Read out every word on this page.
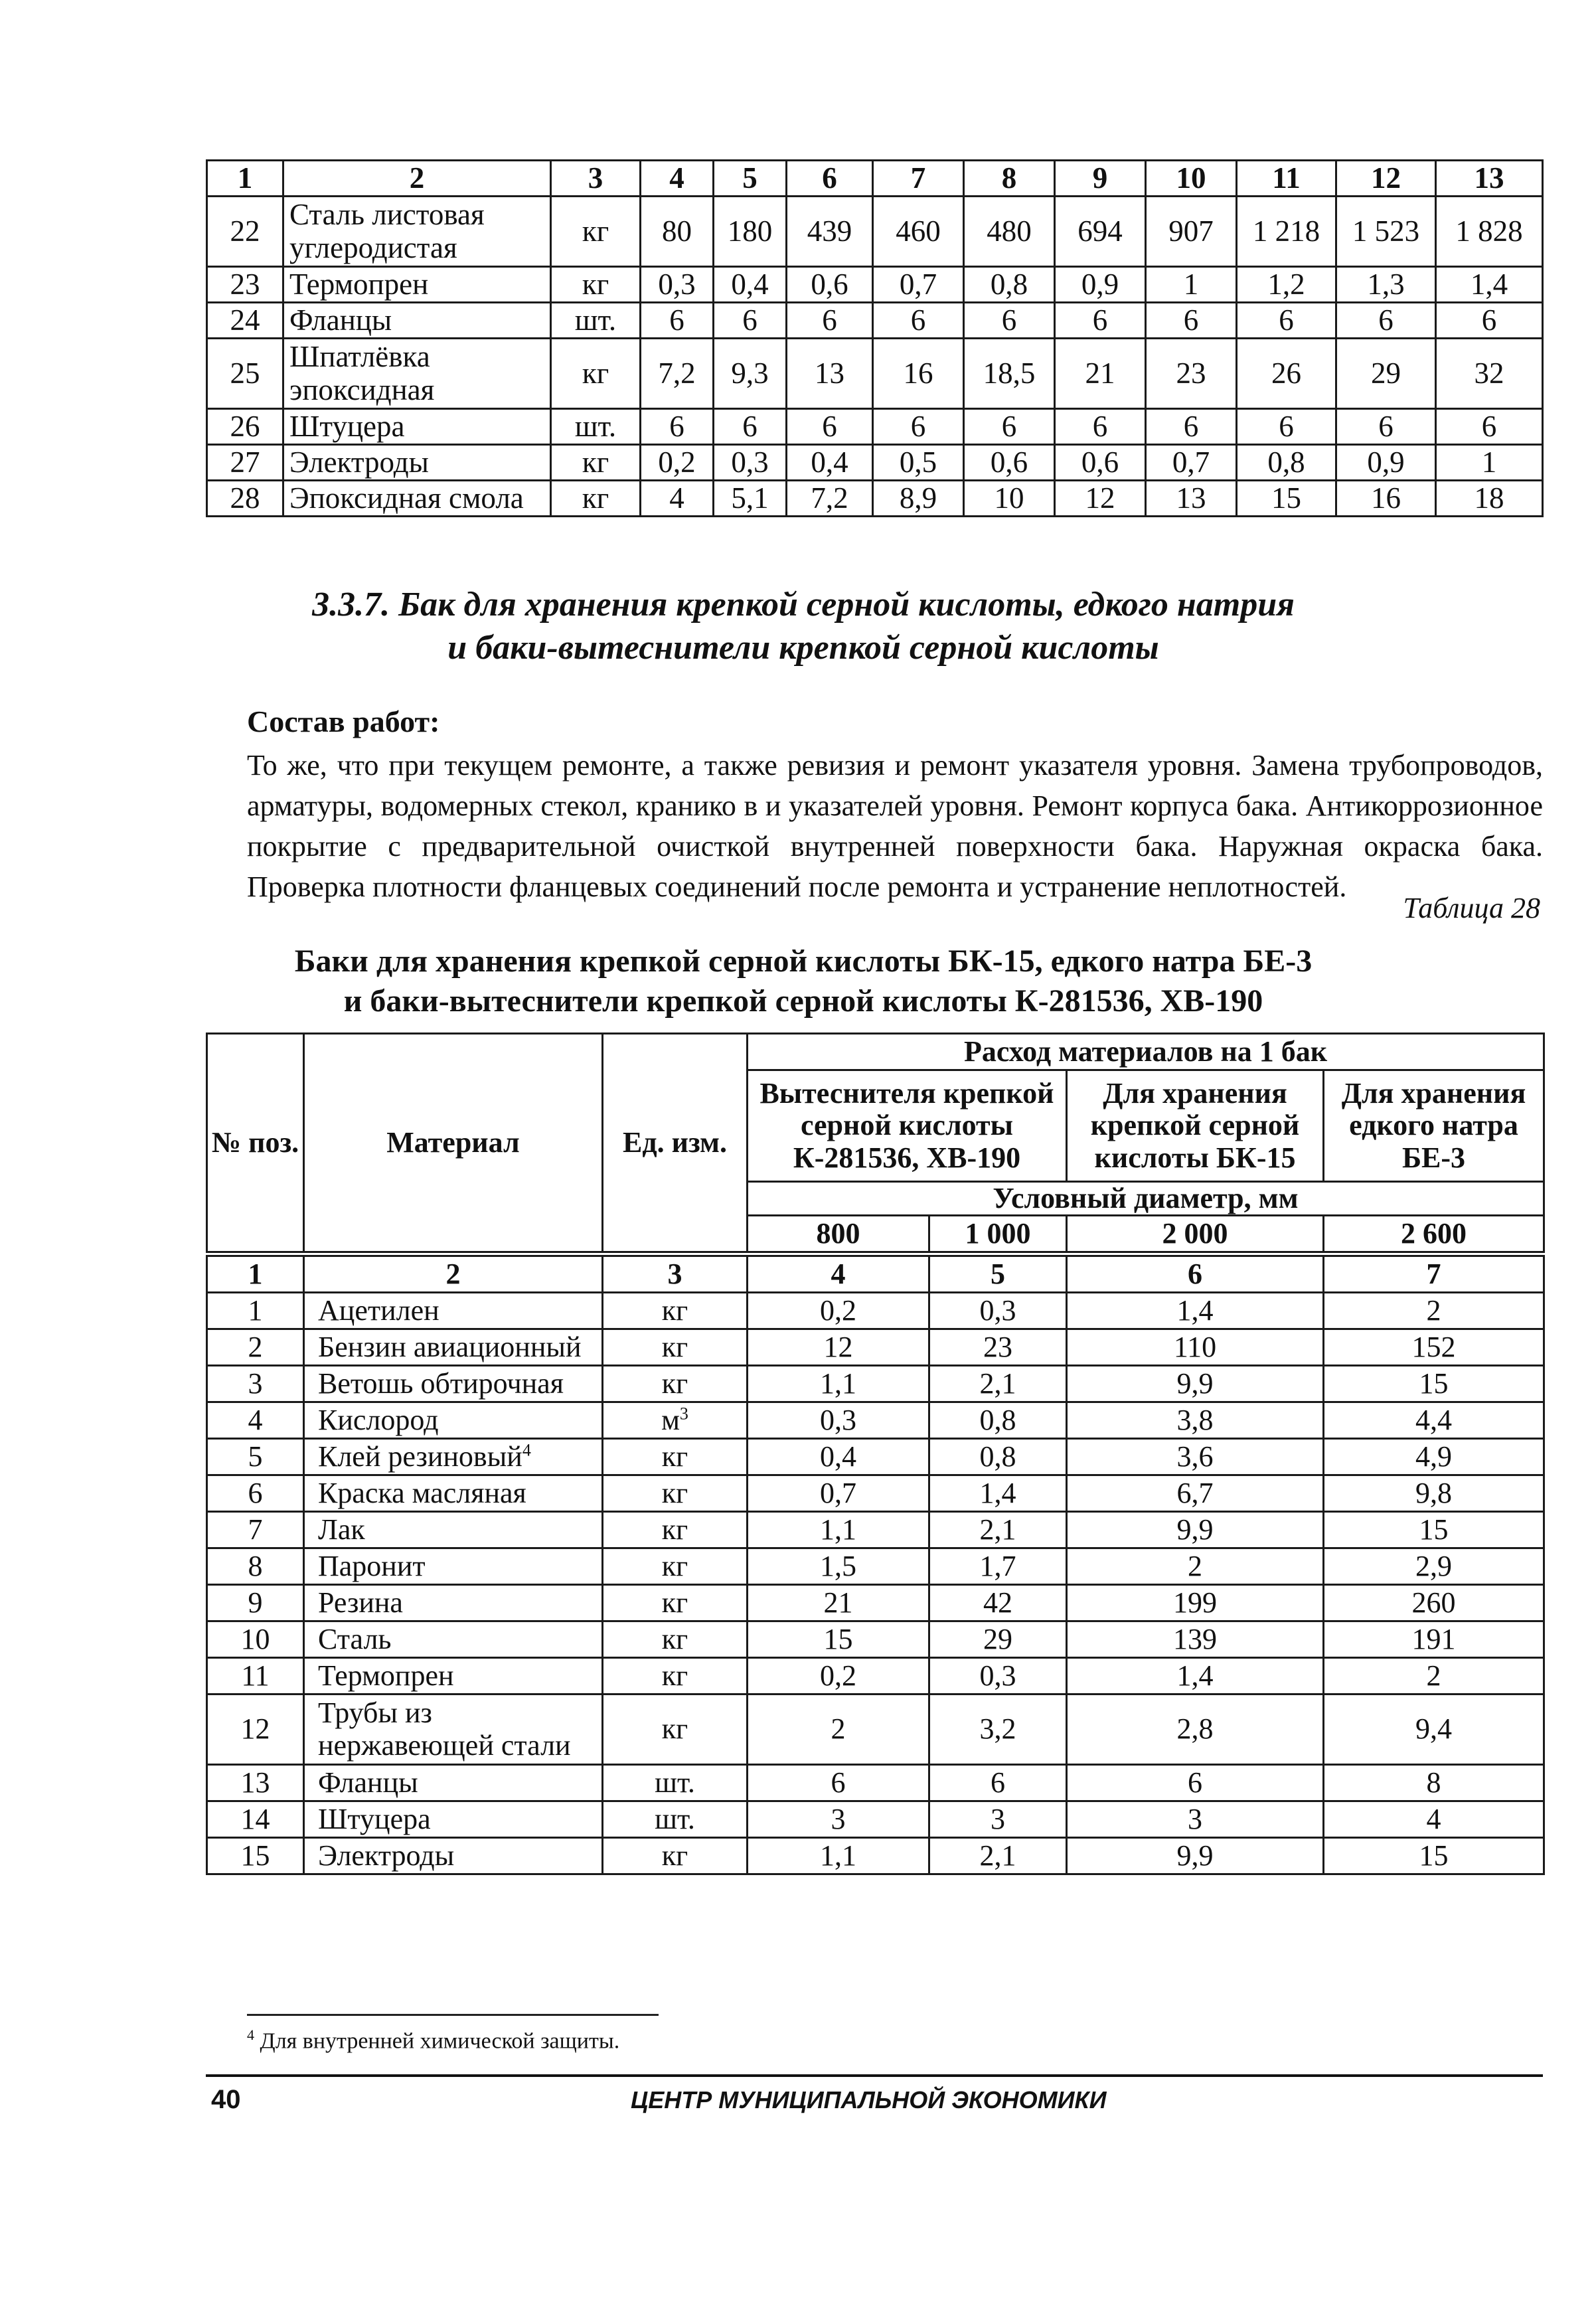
1	2	3	4	5	6	7	8	9	10	11	12	13
22	Сталь листовая углеродистая	кг	80	180	439	460	480	694	907	1 218	1 523	1 828
23	Термопрен	кг	0,3	0,4	0,6	0,7	0,8	0,9	1	1,2	1,3	1,4
24	Фланцы	шт.	6	6	6	6	6	6	6	6	6	6
25	Шпатлёвка эпоксидная	кг	7,2	9,3	13	16	18,5	21	23	26	29	32
26	Штуцера	шт.	6	6	6	6	6	6	6	6	6	6
27	Электроды	кг	0,2	0,3	0,4	0,5	0,6	0,6	0,7	0,8	0,9	1
28	Эпоксидная смола	кг	4	5,1	7,2	8,9	10	12	13	15	16	18
3.3.7. Бак для хранения крепкой серной кислоты, едкого натрия
и баки-вытеснители крепкой серной кислоты
Состав работ:
То же, что при текущем ремонте, а также ревизия и ремонт указателя уровня. Замена трубопроводов, арматуры, водомерных стекол, кранико в и указателей уровня. Ремонт корпуса бака. Антикоррозионное покрытие с предварительной очисткой внутренней поверхности бака. Наружная окраска бака. Проверка плотности фланцевых соединений после ремонта и устранение неплотностей.
Таблица 28
Баки для хранения крепкой серной кислоты БК-15, едкого натра БЕ-3
и баки-вытеснители крепкой серной кислоты К-281536, ХВ-190
№ поз.	Материал	Ед. изм.	Расход материалов на 1 бак			
			Вытеснителя крепкой серной кислоты К-281536, ХВ-190		Для хранения крепкой серной кислоты БК-15	Для хранения едкого натра БЕ-3
			Условный диаметр, мм			
			800	1 000	2 000	2 600
1	2	3	4	5	6	7
1	Ацетилен	кг	0,2	0,3	1,4	2
2	Бензин авиационный	кг	12	23	110	152
3	Ветошь обтирочная	кг	1,1	2,1	9,9	15
4	Кислород	$м^3$	0,3	0,8	3,8	4,4
5	Клей резиновый$^4$	кг	0,4	0,8	3,6	4,9
6	Краска масляная	кг	0,7	1,4	6,7	9,8
7	Лак	кг	1,1	2,1	9,9	15
8	Паронит	кг	1,5	1,7	2	2,9
9	Резина	кг	21	42	199	260
10	Сталь	кг	15	29	139	191
11	Термопрен	кг	0,2	0,3	1,4	2
12	Трубы из нержавеющей стали	кг	2	3,2	2,8	9,4
13	Фланцы	шт.	6	6	6	8
14	Штуцера	шт.	3	3	3	4
15	Электроды	кг	1,1	2,1	9,9	15
$^4$ Для внутренней химической защиты.
40	ЦЕНТР МУНИЦИПАЛЬНОЙ ЭКОНОМИКИ
